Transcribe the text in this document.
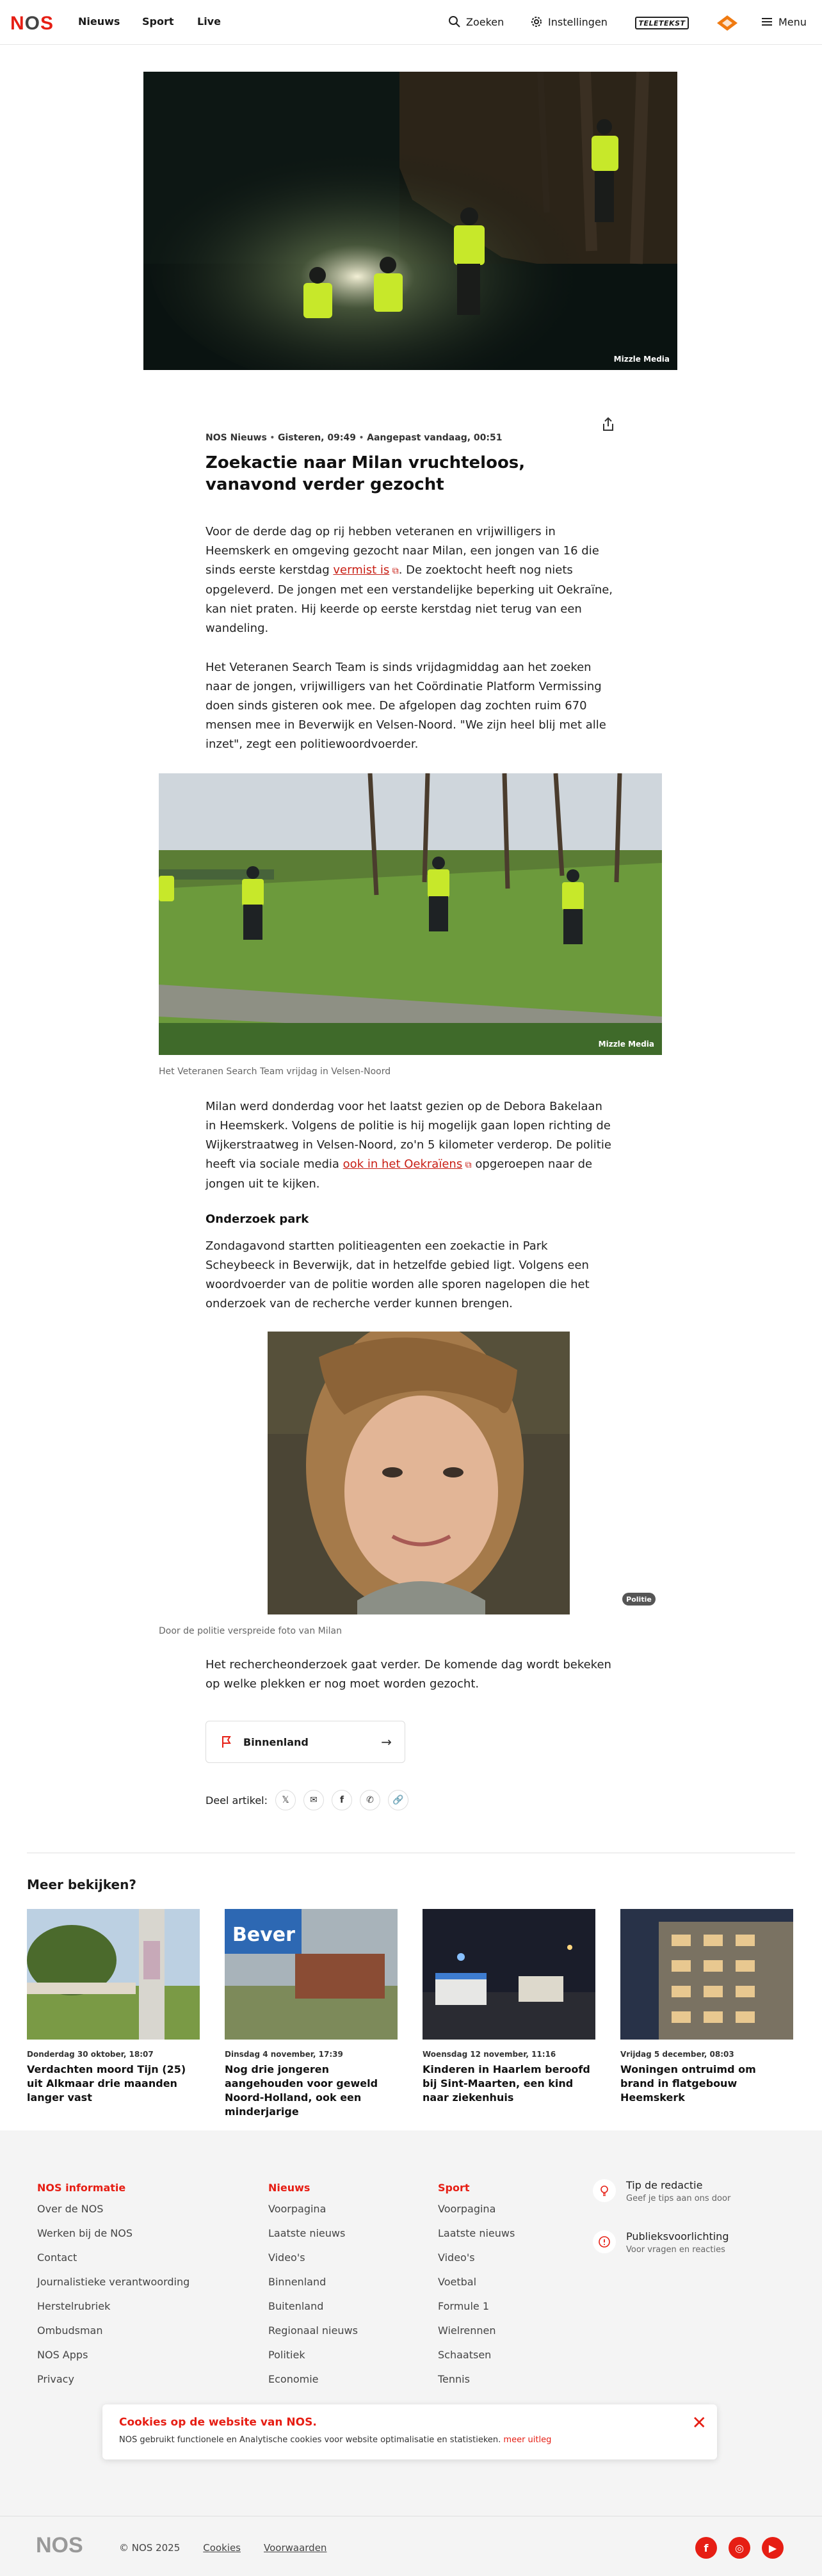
NOS Nieuws Sport Live	Zoeken	Instellingen	TELETEKST	Menu
Mizzle Media
NOS Nieuws • Gisteren, 09:49 • Aangepast vandaag, 00:51
Zoekactie naar Milan vruchteloos, vanavond verder gezocht

Voor de derde dag op rij hebben veteranen en vrijwilligers in Heemskerk en omgeving gezocht naar Milan, een jongen van 16 die sinds eerste kerstdag vermist is ⧉. De zoektocht heeft nog niets opgeleverd. De jongen met een verstandelijke beperking uit Oekraïne, kan niet praten. Hij keerde op eerste kerstdag niet terug van een wandeling.

Het Veteranen Search Team is sinds vrijdagmiddag aan het zoeken naar de jongen, vrijwilligers van het Coördinatie Platform Vermissing doen sinds gisteren ook mee. De afgelopen dag zochten ruim 670 mensen mee in Beverwijk en Velsen-Noord. "We zijn heel blij met alle inzet", zegt een politiewoordvoerder.

Mizzle Media
Het Veteranen Search Team vrijdag in Velsen-Noord

Milan werd donderdag voor het laatst gezien op de Debora Bakelaan in Heemskerk. Volgens de politie is hij mogelijk gaan lopen richting de Wijkerstraatweg in Velsen-Noord, zo'n 5 kilometer verderop. De politie heeft via sociale media ook in het Oekraïens ⧉ opgeroepen naar de jongen uit te kijken.

Onderzoek park

Zondagavond startten politieagenten een zoekactie in Park Scheybeeck in Beverwijk, dat in hetzelfde gebied ligt. Volgens een woordvoerder van de politie worden alle sporen nagelopen die het onderzoek van de recherche verder kunnen brengen.

Politie
Door de politie verspreide foto van Milan

Het rechercheonderzoek gaat verder. De komende dag wordt bekeken op welke plekken er nog moet worden gezocht.

Binnenland	→
Deel artikel:	𝕏	✉	f	✆	🔗
Meer bekijken?
Donderdag 30 oktober, 18:07
Verdachten moord Tijn (25) uit Alkmaar drie maanden langer vast
Bever
Dinsdag 4 november, 17:39
Nog drie jongeren aangehouden voor geweld Noord-Holland, ook een minderjarige
Woensdag 12 november, 11:16
Kinderen in Haarlem beroofd bij Sint-Maarten, een kind naar ziekenhuis
Vrijdag 5 december, 08:03
Woningen ontruimd om brand in flatgebouw Heemskerk
NOS informatie
Over de NOS
Werken bij de NOS
Contact
Journalistieke verantwoording
Herstelrubriek
Ombudsman
NOS Apps
Privacy
Nieuws
Voorpagina
Laatste nieuws
Video's
Binnenland
Buitenland
Regionaal nieuws
Politiek
Economie
Sport
Voorpagina
Laatste nieuws
Video's
Voetbal
Formule 1
Wielrennen
Schaatsen
Tennis
Tip de redactie
Geef je tips aan ons door
Publieksvoorlichting
Voor vragen en reacties
Cookies op de website van NOS.
NOS gebruikt functionele en Analytische cookies voor website optimalisatie en statistieken. meer uitleg
✕
NOS	© NOS 2025 Cookies Voorwaarden	f	◎	▶
